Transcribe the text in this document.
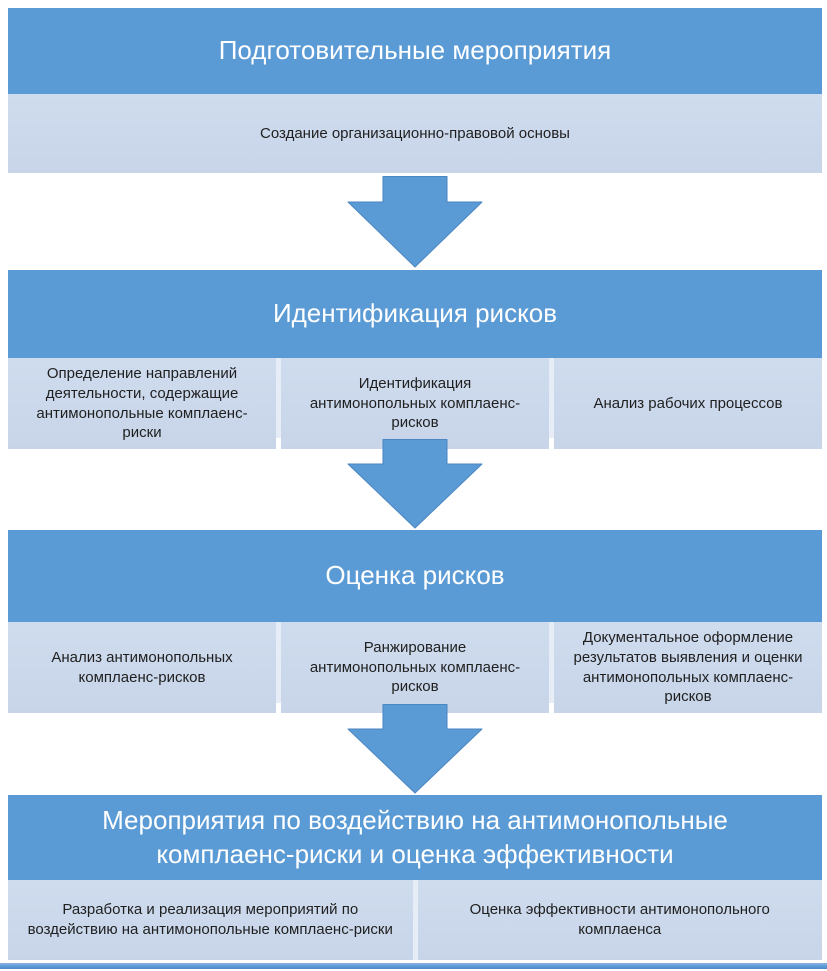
Подготовительные мероприятия
Создание организационно-правовой основы
Идентификация рисков
Определение направлений деятельности, содержащие антимонопольные комплаенс-риски
Идентификация антимонопольных комплаенс-рисков
Анализ рабочих процессов
Оценка рисков
Анализ антимонопольных комплаенс-рисков
Ранжирование антимонопольных комплаенс-рисков
Документальное оформление результатов выявления и оценки антимонопольных комплаенс-рисков
Мероприятия по воздействию на антимонопольные комплаенс-риски и оценка эффективности
Разработка и реализация мероприятий по воздействию на антимонопольные комплаенс-риски
Оценка эффективности антимонопольного комплаенса
